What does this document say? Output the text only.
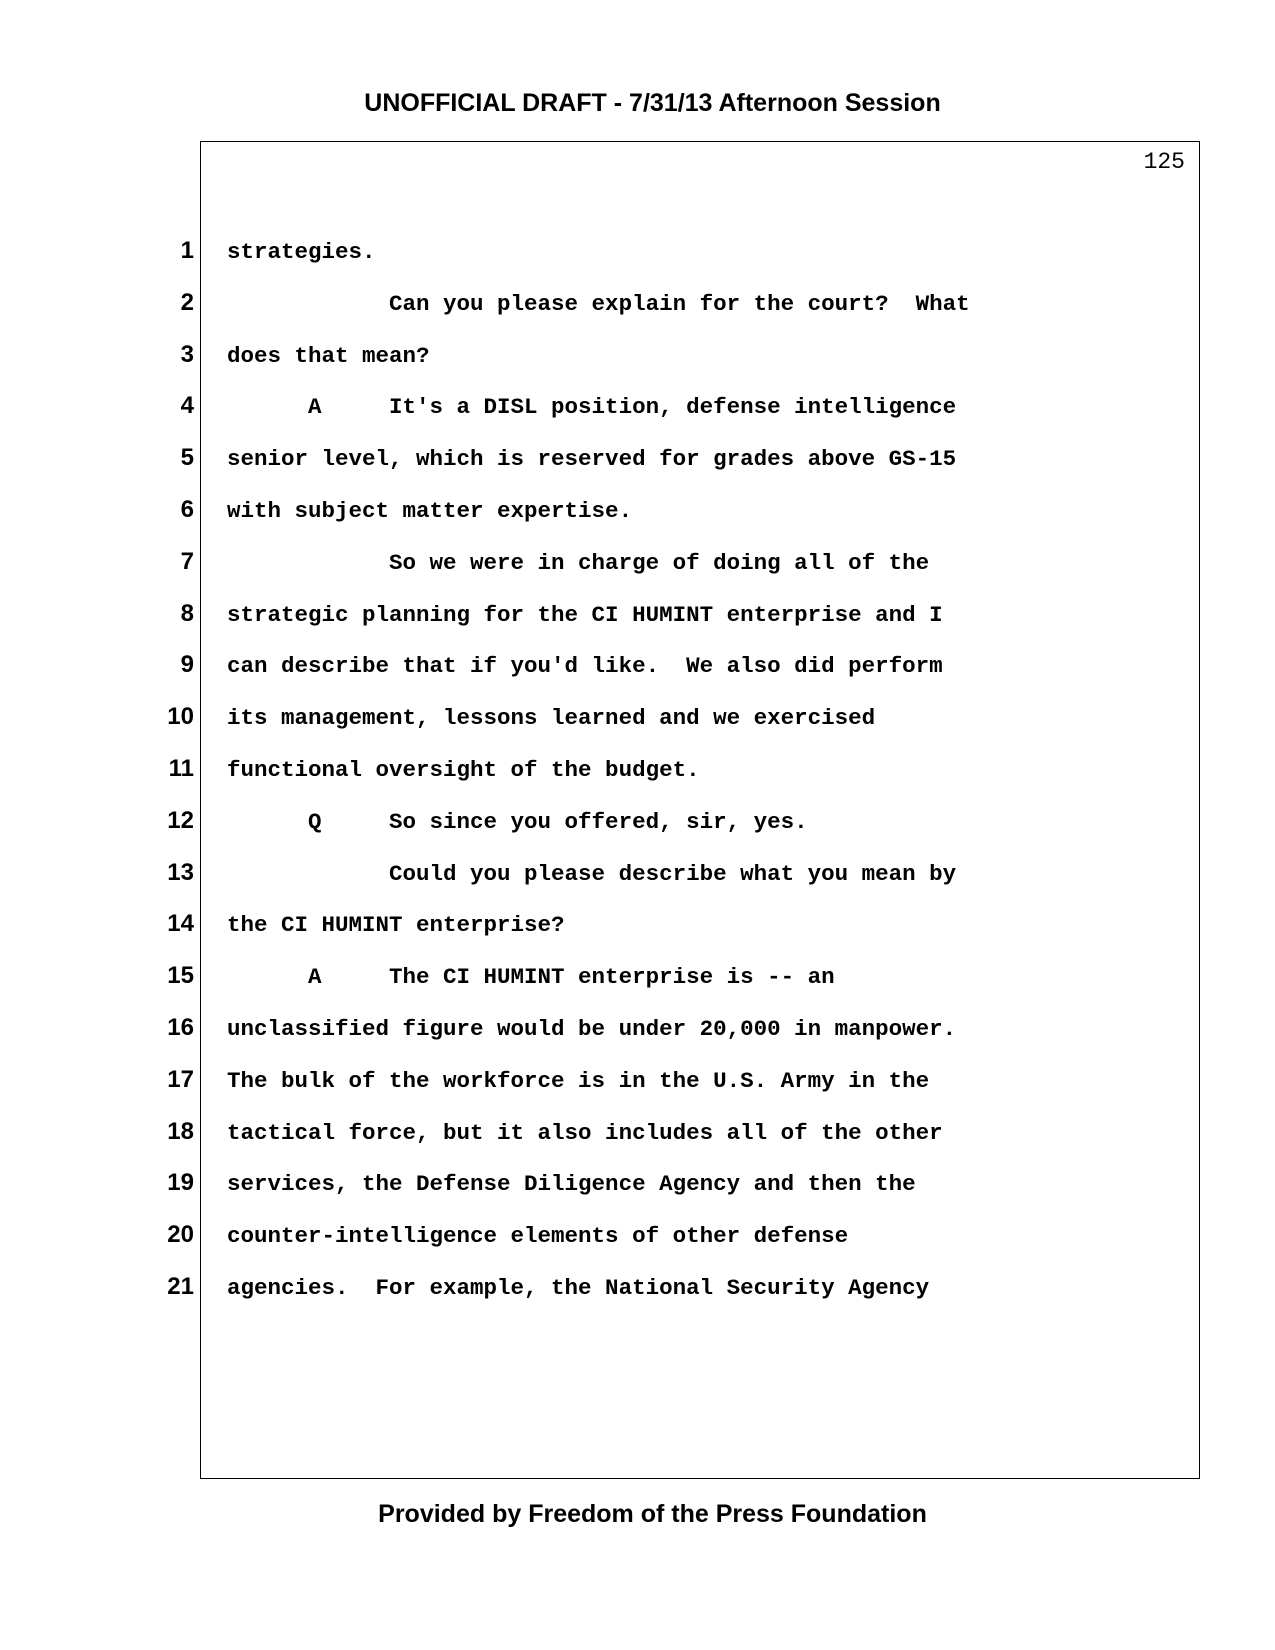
UNOFFICIAL DRAFT - 7/31/13 Afternoon Session
125
1 strategies.
2 Can you please explain for the court?  What
3 does that mean?
4 A     It's a DISL position, defense intelligence
5 senior level, which is reserved for grades above GS-15
6 with subject matter expertise.
7 So we were in charge of doing all of the
8 strategic planning for the CI HUMINT enterprise and I
9 can describe that if you'd like.  We also did perform
10 its management, lessons learned and we exercised
11 functional oversight of the budget.
12 Q     So since you offered, sir, yes.
13 Could you please describe what you mean by
14 the CI HUMINT enterprise?
15 A     The CI HUMINT enterprise is -- an
16 unclassified figure would be under 20,000 in manpower.
17 The bulk of the workforce is in the U.S. Army in the
18 tactical force, but it also includes all of the other
19 services, the Defense Diligence Agency and then the
20 counter-intelligence elements of other defense
21 agencies.  For example, the National Security Agency
Provided by Freedom of the Press Foundation
